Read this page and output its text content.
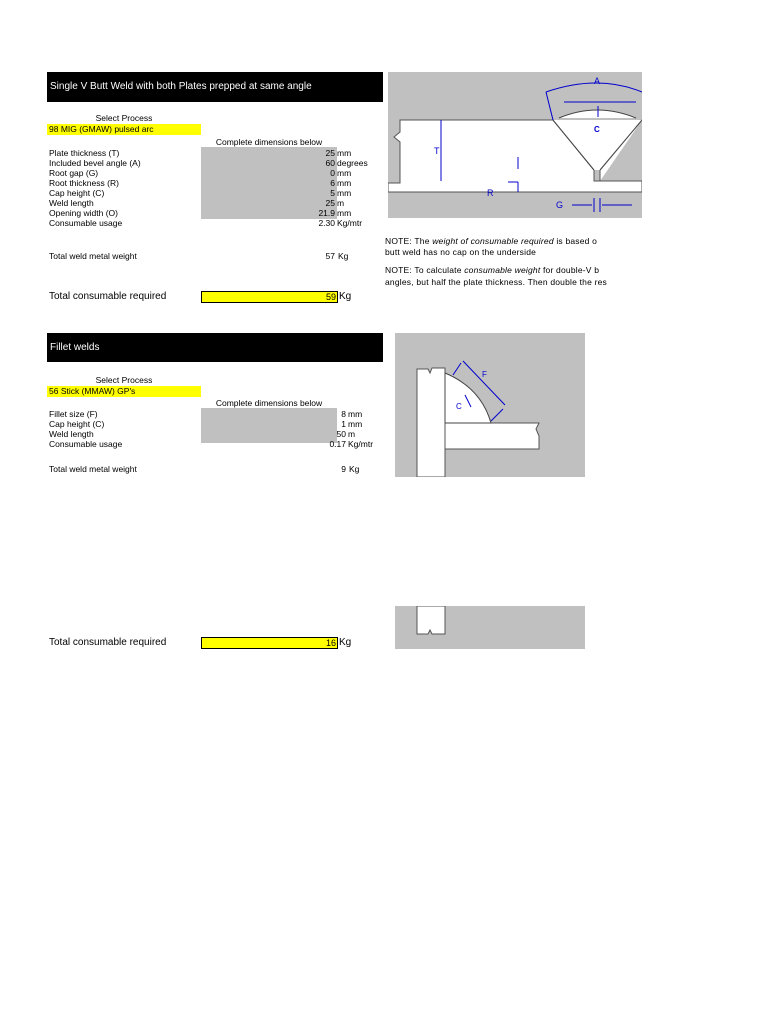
Single V Butt Weld with both Plates prepped at same angle
Select Process
98 MIG (GMAW) pulsed arc
Complete dimensions below
Plate thickness (T)	25 mm
Included bevel angle (A)	60 degrees
Root gap (G)	0 mm
Root thickness (R)	6 mm
Cap height (C)	5 mm
Weld length	25 m
Opening width (O)	21.9 mm
Consumable usage	2.30 Kg/mtr
Total weld metal weight	57 Kg
Total consumable required	59 Kg
T
R
G
A
C
NOTE: The weight of consumable required is based o
butt weld has no cap on the underside
NOTE: To calculate consumable weight for double-V b
angles, but half the plate thickness. Then double the res
Fillet welds
Select Process
56 Stick (MMAW) GP's
Complete dimensions below
Fillet size (F)	8 mm
Cap height (C)	1 mm
Weld length	50 m
Consumable usage	0.17 Kg/mtr
Total weld metal weight	9 Kg
Total consumable required	16 Kg
F
C
